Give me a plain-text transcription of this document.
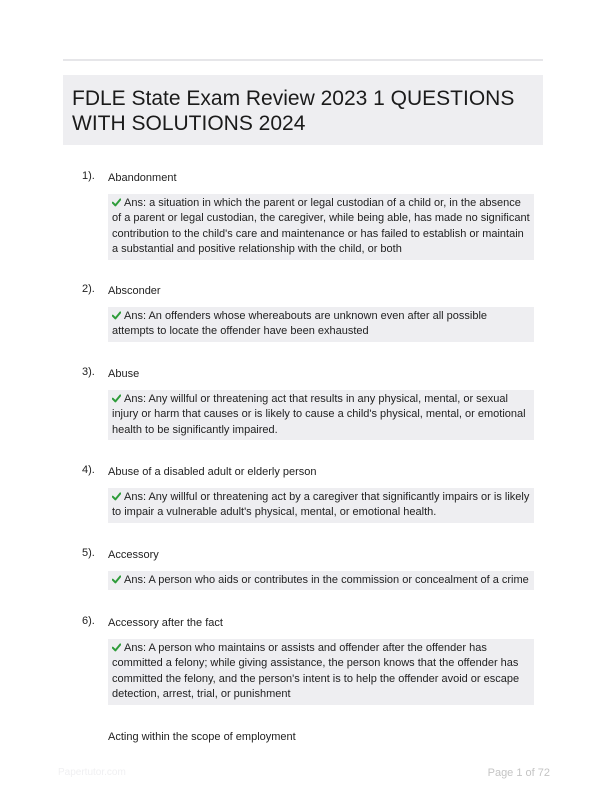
FDLE State Exam Review 2023 1 QUESTIONS
WITH SOLUTIONS 2024
1). Abandonment
Ans: a situation in which the parent or legal custodian of a child or, in the absence of a parent or legal custodian, the caregiver, while being able, has made no significant contribution to the child's care and maintenance or has failed to establish or maintain a substantial and positive relationship with the child, or both
2). Absconder
Ans: An offenders whose whereabouts are unknown even after all possible attempts to locate the offender have been exhausted
3). Abuse
Ans: Any willful or threatening act that results in any physical, mental, or sexual injury or harm that causes or is likely to cause a child's physical, mental, or emotional health to be significantly impaired.
4). Abuse of a disabled adult or elderly person
Ans: Any willful or threatening act by a caregiver that significantly impairs or is likely to impair a vulnerable adult's physical, mental, or emotional health.
5). Accessory
Ans: A person who aids or contributes in the commission or concealment of a crime
6). Accessory after the fact
Ans: A person who maintains or assists and offender after the offender has committed a felony; while giving assistance, the person knows that the offender has committed the felony, and the person's intent is to help the offender avoid or escape detection, arrest, trial, or punishment
Acting within the scope of employment
Papertutor.com	Page 1 of 72
